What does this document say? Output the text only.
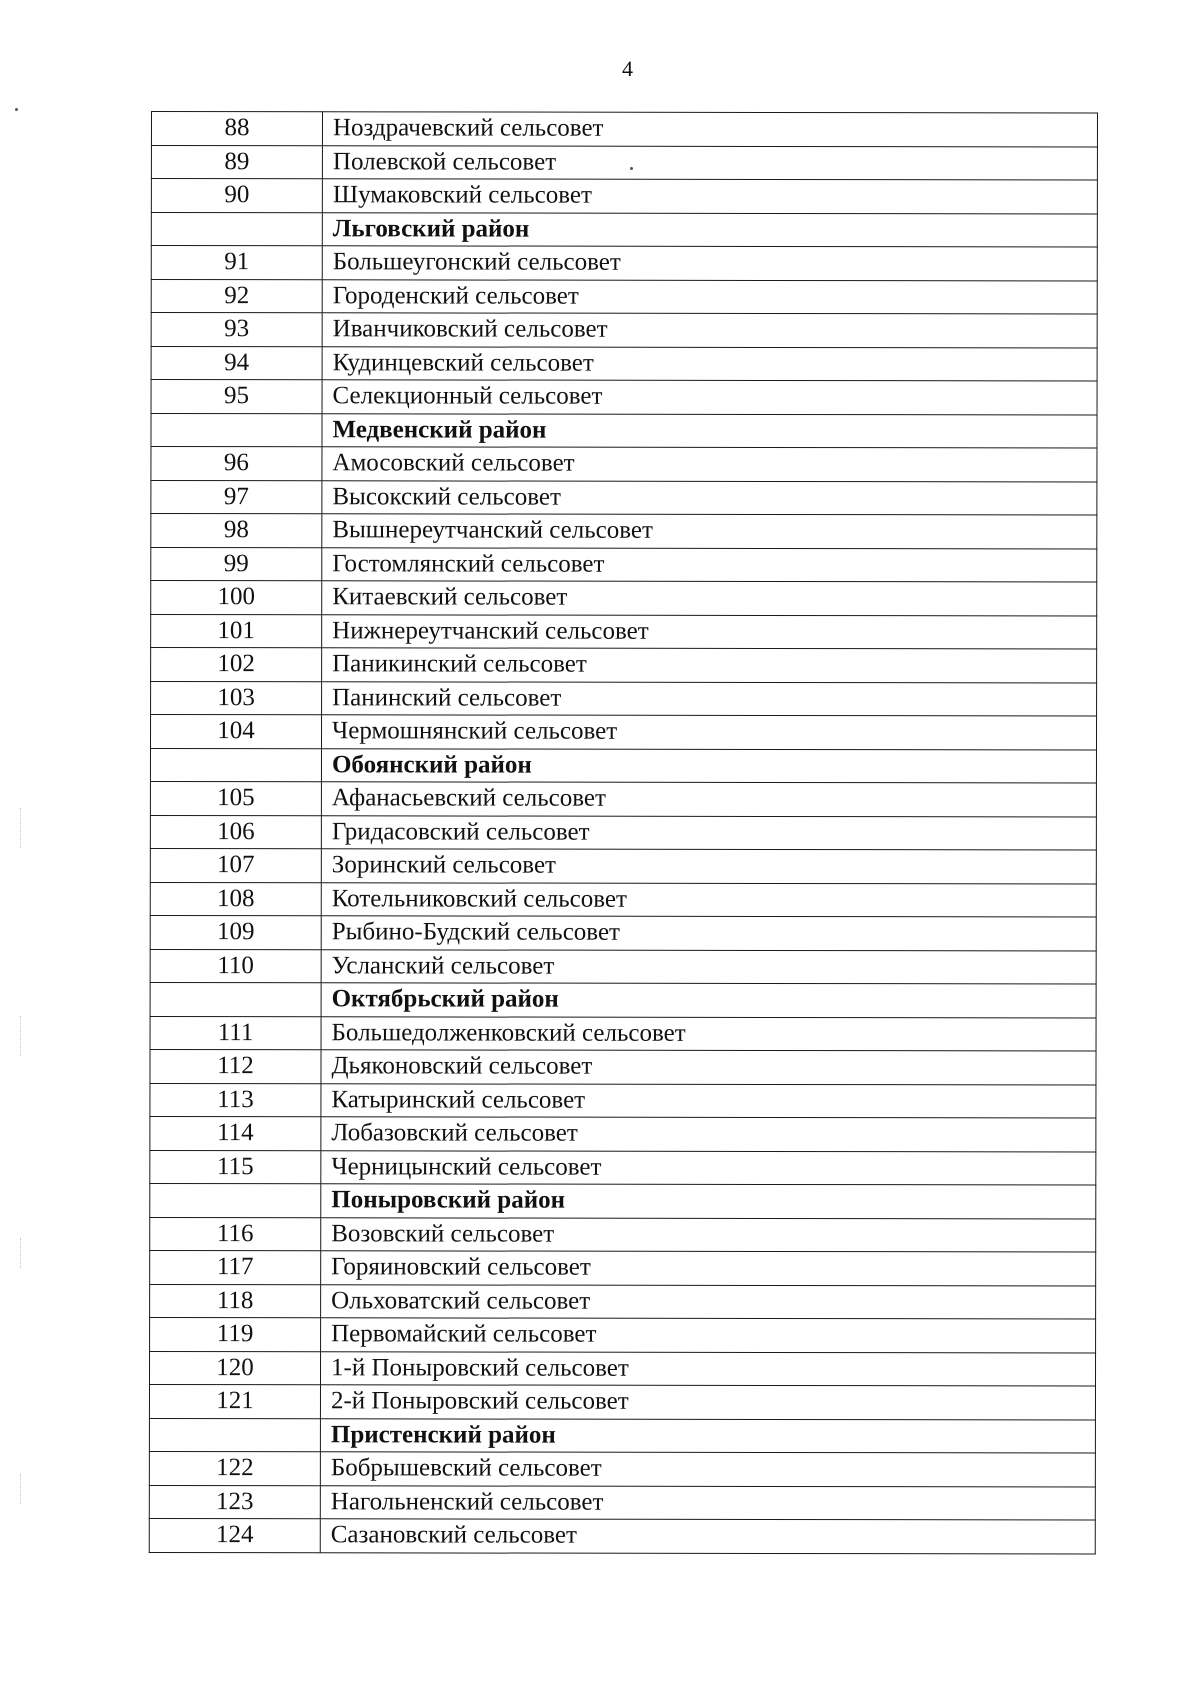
4
88	Ноздрачевский сельсовет
89	Полевской сельсовет
90	Шумаковский сельсовет
	Льговский район
91	Большеугонский сельсовет
92	Городенский сельсовет
93	Иванчиковский сельсовет
94	Кудинцевский сельсовет
95	Селекционный сельсовет
	Медвенский район
96	Амосовский сельсовет
97	Высокский сельсовет
98	Вышнереутчанский сельсовет
99	Гостомлянский сельсовет
100	Китаевский сельсовет
101	Нижнереутчанский сельсовет
102	Паникинский сельсовет
103	Панинский сельсовет
104	Чермошнянский сельсовет
	Обоянский район
105	Афанасьевский сельсовет
106	Гридасовский сельсовет
107	Зоринский сельсовет
108	Котельниковский сельсовет
109	Рыбино-Будский сельсовет
110	Усланский сельсовет
	Октябрьский район
111	Большедолженковский сельсовет
112	Дьяконовский сельсовет
113	Катыринский сельсовет
114	Лобазовский сельсовет
115	Черницынский сельсовет
	Поныровский район
116	Возовский сельсовет
117	Горяиновский сельсовет
118	Ольховатский сельсовет
119	Первомайский сельсовет
120	1-й Поныровский сельсовет
121	2-й Поныровский сельсовет
	Пристенский район
122	Бобрышевский сельсовет
123	Нагольненский сельсовет
124	Сазановский сельсовет
